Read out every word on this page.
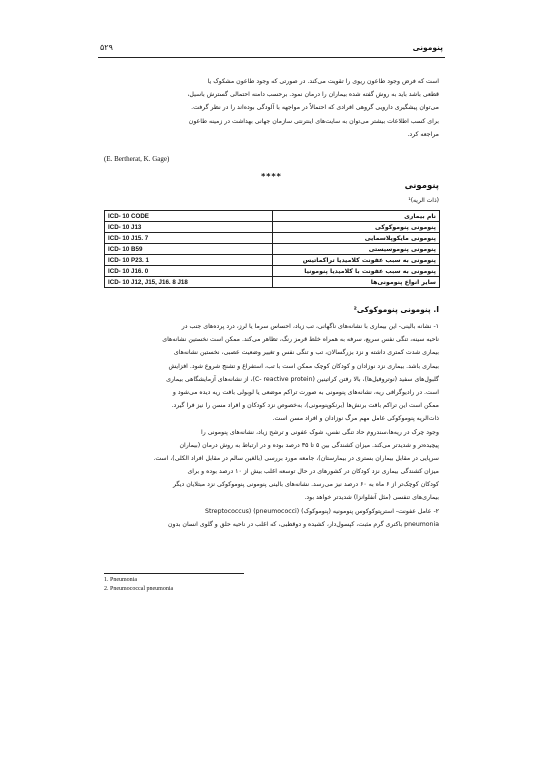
پنومونی
۵۲۹
است که فرض وجود طاعون ریوی را تقویت می‌کند. در صورتی که وجود طاعون مشکوک یا
قطعی باشد باید به روش گفته شده بیماران را درمان نمود. برحسب دامنه احتمالی گسترش باسیل،
می‌توان پیشگیری دارویی گروهی افرادی که احتمالاً در مواجهه با آلودگی بوده‌اند را در نظر گرفت.
برای کسب اطلاعات بیشتر می‌توان به سایت‌های اینترنتی سازمان جهانی بهداشت در زمینه طاعون
مراجعه کرد.
(E. Bertherat, K. Gage)
****
پنومونی
(ذات الریه)¹
ICD- 10 CODE	نام بیماری
ICD- 10 J13	پنومونی پنوموکوکی
ICD- 10 J15. 7	پنومونی مایکوپلاسمایی
ICD- 10 B59	پنومونی پنوموسیستی
ICD- 10 P23. 1	پنومونی به سبب عفونت کلامیدیا تراکماتیس
ICD- 10 J16. 0	پنومونی به سبب عفونت با کلامیدیا پنومونیا
ICD- 10 J12, J15, J16. 8 J18	سایر انواع پنومونی‌ها
I. پنومونی پنوموکوکی²
۱- نشانه بالینی- این بیماری با نشانه‌های ناگهانی، تب زیاد، احساس سرما یا لرز، درد پرده‌های جنب در
ناحیه سینه، تنگی نفس سریع، سرفه به همراه خلط قرمز رنگ، تظاهر می‌کند. ممکن است نخستین نشانه‌های
بیماری شدت کمتری داشته و نزد بزرگسالان، تب و تنگی نفس و تغییر وضعیت عصبی، نخستین نشانه‌های
بیماری باشد. بیماری نزد نوزادان و کودکان کوچک ممکن است با تب، استفراغ و تشنج شروع شود. افزایش
گلبول‌های سفید (نوتروفیل‌ها)، بالا رفتن کراتینین (C- reactive protein)، از نشانه‌های آزمایشگاهی بیماری
است. در رادیوگرافی ریه، نشانه‌های پنومونی به صورت تراکم موضعی یا لوبولی بافت ریه دیده می‌شود و
ممکن است این تراکم بافت برنش‌ها (برنکوپنومونی)، به‌خصوص نزد کودکان و افراد مسن را نیز فرا گیرد.
ذات‌الریه پنوموکوکی عامل مهم مرگ نوزادان و افراد مسن است.
وجود چرک در ریه‌ها،سندروم حاد تنگی نفس، شوک عفونی و ترشح زیاد، نشانه‌های پنومونی را
پیچیده‌تر و شدیدتر می‌کند. میزان کشندگی بین ۵ تا ۳۵ درصد بوده و در ارتباط به روش درمان (بیماران
سرپایی در مقابل بیماران بستری در بیمارستان)، جامعه مورد بررسی (بالغین سالم در مقابل افراد الکلی)، است.
میزان کشندگی بیماری نزد کودکان در کشورهای در حال توسعه اغلب بیش از ۱۰ درصد بوده و برای
کودکان کوچک‌تر از ۶ ماه به ۶۰ درصد نیز می‌رسد. نشانه‌های بالینی پنومونی پنوموکوکی نزد مبتلایان دیگر
بیماری‌های تنفسی (مثل آنفلوانزا) شدیدتر خواهد بود.
۲- عامل عفونت- استرپتوکوکوس پنومونیه (پنوموکوک) (pneumococci) (Streptococcus
pneumonia باکتری گرم مثبت، کپسول‌دار، کشیده و دوقطبی، که اغلب در ناحیه حلق و گلوی انسان بدون
1. Pneumonia
2. Pneumococcal pneumonia
